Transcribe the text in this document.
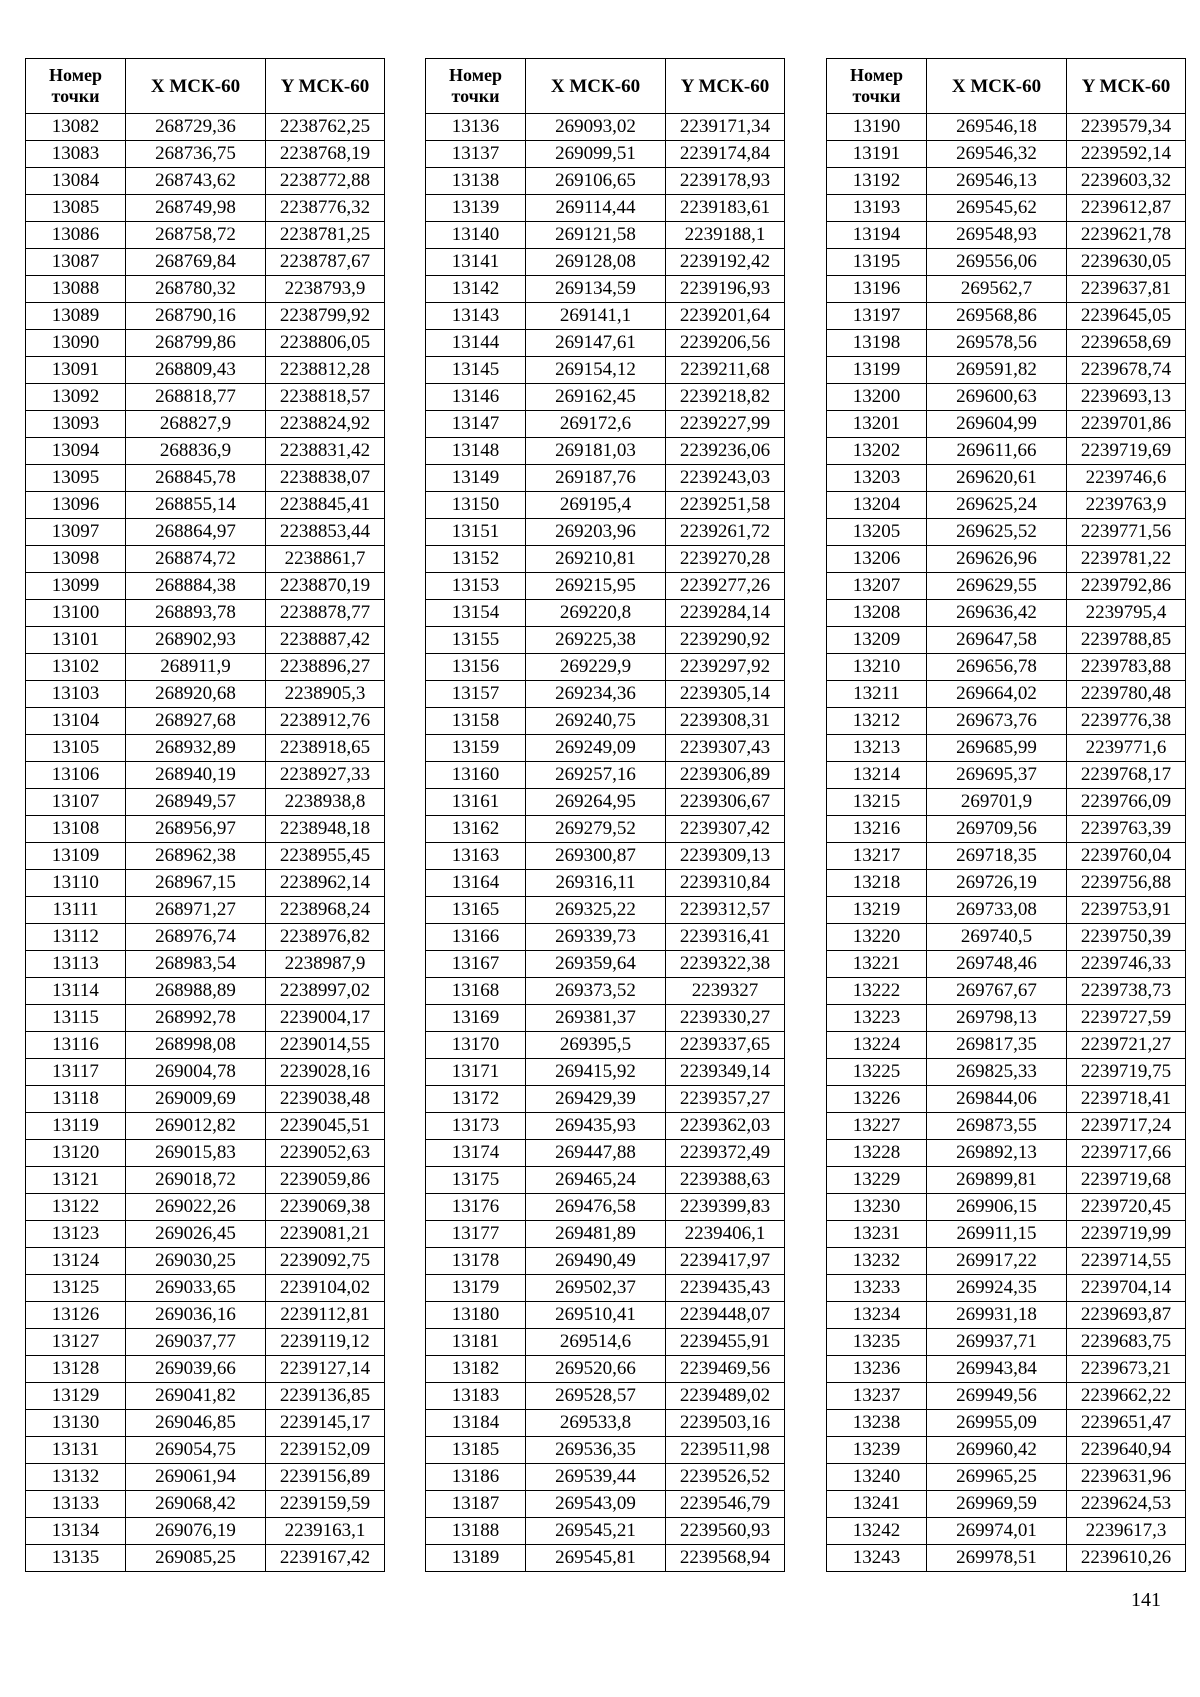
Номер
точки	X МСК-60	Y МСК-60
13082	268729,36	2238762,25
13083	268736,75	2238768,19
13084	268743,62	2238772,88
13085	268749,98	2238776,32
13086	268758,72	2238781,25
13087	268769,84	2238787,67
13088	268780,32	2238793,9
13089	268790,16	2238799,92
13090	268799,86	2238806,05
13091	268809,43	2238812,28
13092	268818,77	2238818,57
13093	268827,9	2238824,92
13094	268836,9	2238831,42
13095	268845,78	2238838,07
13096	268855,14	2238845,41
13097	268864,97	2238853,44
13098	268874,72	2238861,7
13099	268884,38	2238870,19
13100	268893,78	2238878,77
13101	268902,93	2238887,42
13102	268911,9	2238896,27
13103	268920,68	2238905,3
13104	268927,68	2238912,76
13105	268932,89	2238918,65
13106	268940,19	2238927,33
13107	268949,57	2238938,8
13108	268956,97	2238948,18
13109	268962,38	2238955,45
13110	268967,15	2238962,14
13111	268971,27	2238968,24
13112	268976,74	2238976,82
13113	268983,54	2238987,9
13114	268988,89	2238997,02
13115	268992,78	2239004,17
13116	268998,08	2239014,55
13117	269004,78	2239028,16
13118	269009,69	2239038,48
13119	269012,82	2239045,51
13120	269015,83	2239052,63
13121	269018,72	2239059,86
13122	269022,26	2239069,38
13123	269026,45	2239081,21
13124	269030,25	2239092,75
13125	269033,65	2239104,02
13126	269036,16	2239112,81
13127	269037,77	2239119,12
13128	269039,66	2239127,14
13129	269041,82	2239136,85
13130	269046,85	2239145,17
13131	269054,75	2239152,09
13132	269061,94	2239156,89
13133	269068,42	2239159,59
13134	269076,19	2239163,1
13135	269085,25	2239167,42
Номер
точки	X МСК-60	Y МСК-60
13136	269093,02	2239171,34
13137	269099,51	2239174,84
13138	269106,65	2239178,93
13139	269114,44	2239183,61
13140	269121,58	2239188,1
13141	269128,08	2239192,42
13142	269134,59	2239196,93
13143	269141,1	2239201,64
13144	269147,61	2239206,56
13145	269154,12	2239211,68
13146	269162,45	2239218,82
13147	269172,6	2239227,99
13148	269181,03	2239236,06
13149	269187,76	2239243,03
13150	269195,4	2239251,58
13151	269203,96	2239261,72
13152	269210,81	2239270,28
13153	269215,95	2239277,26
13154	269220,8	2239284,14
13155	269225,38	2239290,92
13156	269229,9	2239297,92
13157	269234,36	2239305,14
13158	269240,75	2239308,31
13159	269249,09	2239307,43
13160	269257,16	2239306,89
13161	269264,95	2239306,67
13162	269279,52	2239307,42
13163	269300,87	2239309,13
13164	269316,11	2239310,84
13165	269325,22	2239312,57
13166	269339,73	2239316,41
13167	269359,64	2239322,38
13168	269373,52	2239327
13169	269381,37	2239330,27
13170	269395,5	2239337,65
13171	269415,92	2239349,14
13172	269429,39	2239357,27
13173	269435,93	2239362,03
13174	269447,88	2239372,49
13175	269465,24	2239388,63
13176	269476,58	2239399,83
13177	269481,89	2239406,1
13178	269490,49	2239417,97
13179	269502,37	2239435,43
13180	269510,41	2239448,07
13181	269514,6	2239455,91
13182	269520,66	2239469,56
13183	269528,57	2239489,02
13184	269533,8	2239503,16
13185	269536,35	2239511,98
13186	269539,44	2239526,52
13187	269543,09	2239546,79
13188	269545,21	2239560,93
13189	269545,81	2239568,94
Номер
точки	X МСК-60	Y МСК-60
13190	269546,18	2239579,34
13191	269546,32	2239592,14
13192	269546,13	2239603,32
13193	269545,62	2239612,87
13194	269548,93	2239621,78
13195	269556,06	2239630,05
13196	269562,7	2239637,81
13197	269568,86	2239645,05
13198	269578,56	2239658,69
13199	269591,82	2239678,74
13200	269600,63	2239693,13
13201	269604,99	2239701,86
13202	269611,66	2239719,69
13203	269620,61	2239746,6
13204	269625,24	2239763,9
13205	269625,52	2239771,56
13206	269626,96	2239781,22
13207	269629,55	2239792,86
13208	269636,42	2239795,4
13209	269647,58	2239788,85
13210	269656,78	2239783,88
13211	269664,02	2239780,48
13212	269673,76	2239776,38
13213	269685,99	2239771,6
13214	269695,37	2239768,17
13215	269701,9	2239766,09
13216	269709,56	2239763,39
13217	269718,35	2239760,04
13218	269726,19	2239756,88
13219	269733,08	2239753,91
13220	269740,5	2239750,39
13221	269748,46	2239746,33
13222	269767,67	2239738,73
13223	269798,13	2239727,59
13224	269817,35	2239721,27
13225	269825,33	2239719,75
13226	269844,06	2239718,41
13227	269873,55	2239717,24
13228	269892,13	2239717,66
13229	269899,81	2239719,68
13230	269906,15	2239720,45
13231	269911,15	2239719,99
13232	269917,22	2239714,55
13233	269924,35	2239704,14
13234	269931,18	2239693,87
13235	269937,71	2239683,75
13236	269943,84	2239673,21
13237	269949,56	2239662,22
13238	269955,09	2239651,47
13239	269960,42	2239640,94
13240	269965,25	2239631,96
13241	269969,59	2239624,53
13242	269974,01	2239617,3
13243	269978,51	2239610,26
141
